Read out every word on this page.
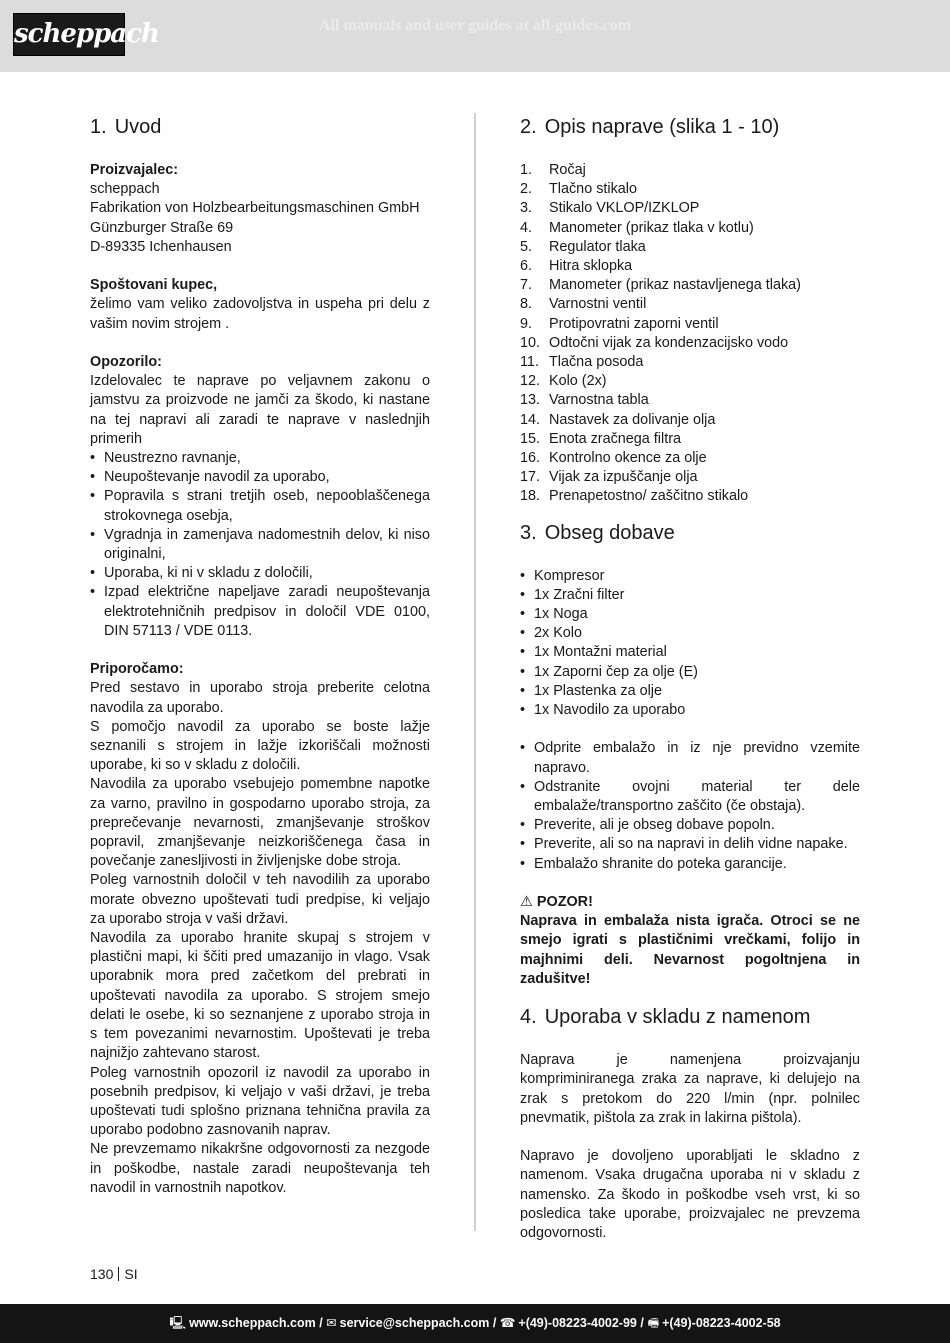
scheppach	All manuals and user guides at all-guides.com
1. Uvod

Proizvajalec:

scheppach

Fabrikation von Holzbearbeitungsmaschinen GmbH

Günzburger Straße 69

D-89335 Ichenhausen

Spoštovani kupec,

želimo vam veliko zadovoljstva in uspeha pri delu z vašim novim strojem .

Opozorilo:

Izdelovalec te naprave po veljavnem zakonu o jamstvu za proizvode ne jamči za škodo, ki nastane na tej napravi ali zaradi te naprave v naslednjih primerih

• Neustrezno ravnanje,
• Neupoštevanje navodil za uporabo,
• Popravila s strani tretjih oseb, nepooblaščenega strokovnega osebja,
• Vgradnja in zamenjava nadomestnih delov, ki niso originalni,
• Uporaba, ki ni v skladu z določili,
• Izpad električne napeljave zaradi neupoštevanja elektrotehničnih predpisov in določil VDE 0100, DIN 57113 / VDE 0113.

Priporočamo:

Pred sestavo in uporabo stroja preberite celotna navodila za uporabo.

S pomočjo navodil za uporabo se boste lažje seznanili s strojem in lažje izkoriščali možnosti uporabe, ki so v skladu z določili.

Navodila za uporabo vsebujejo pomembne napotke za varno, pravilno in gospodarno uporabo stroja, za preprečevanje nevarnosti, zmanjševanje stroškov popravil, zmanjševanje neizkoriščenega časa in povečanje zanesljivosti in življenjske dobe stroja.

Poleg varnostnih določil v teh navodilih za uporabo morate obvezno upoštevati tudi predpise, ki veljajo za uporabo stroja v vaši državi.

Navodila za uporabo hranite skupaj s strojem v plastični mapi, ki ščiti pred umazanijo in vlago. Vsak uporabnik mora pred začetkom del prebrati in upoštevati navodila za uporabo. S strojem smejo delati le osebe, ki so seznanjene z uporabo stroja in s tem povezanimi nevarnostim. Upoštevati je treba najnižjo zahtevano starost.

Poleg varnostnih opozoril iz navodil za uporabo in posebnih predpisov, ki veljajo v vaši državi, je treba upoštevati tudi splošno priznana tehnična pravila za uporabo podobno zasnovanih naprav.

Ne prevzemamo nikakršne odgovornosti za nezgode in poškodbe, nastale zaradi neupoštevanja teh navodil in varnostnih napotkov.

2. Opis naprave (slika 1 - 10)
1. Ročaj
2. Tlačno stikalo
3. Stikalo VKLOP/IZKLOP
4. Manometer (prikaz tlaka v kotlu)
5. Regulator tlaka
6. Hitra sklopka
7. Manometer (prikaz nastavljenega tlaka)
8. Varnostni ventil
9. Protipovratni zaporni ventil
10. Odtočni vijak za kondenzacijsko vodo
11. Tlačna posoda
12. Kolo (2x)
13. Varnostna tabla
14. Nastavek za dolivanje olja
15. Enota zračnega filtra
16. Kontrolno okence za olje
17. Vijak za izpuščanje olja
18. Prenapetostno/ zaščitno stikalo
3. Obseg dobave
• Kompresor
• 1x Zračni filter
• 1x Noga
• 2x Kolo
• 1x Montažni material
• 1x Zaporni čep za olje (E)
• 1x Plastenka za olje
• 1x Navodilo za uporabo
• Odprite embalažo in iz nje previdno vzemite napravo.
• Odstranite ovojni material ter dele embalaže/transportno zaščito (če obstaja).
• Preverite, ali je obseg dobave popoln.
• Preverite, ali so na napravi in delih vidne napake.
• Embalažo shranite do poteka garancije.

⚠ POZOR!

Naprava in embalaža nista igrača. Otroci se ne smejo igrati s plastičnimi vrečkami, folijo in majhnimi deli. Nevarnost pogoltnjena in zadušitve!

4. Uporaba v skladu z namenom

Naprava je namenjena proizvajanju kompriminiranega zraka za naprave, ki delujejo na zrak s pretokom do 220 l/min (npr. polnilec pnevmatik, pištola za zrak in lakirna pištola).

Napravo je dovoljeno uporabljati le skladno z namenom. Vsaka drugačna uporaba ni v skladu z namensko. Za škodo in poškodbe vseh vrst, ki so posledica take uporabe, proizvajalec ne prevzema odgovornosti.

130 SI
🖳 www.scheppach.com / ✉ service@scheppach.com / ☎ +(49)-08223-4002-99 / 🖷 +(49)-08223-4002-58
